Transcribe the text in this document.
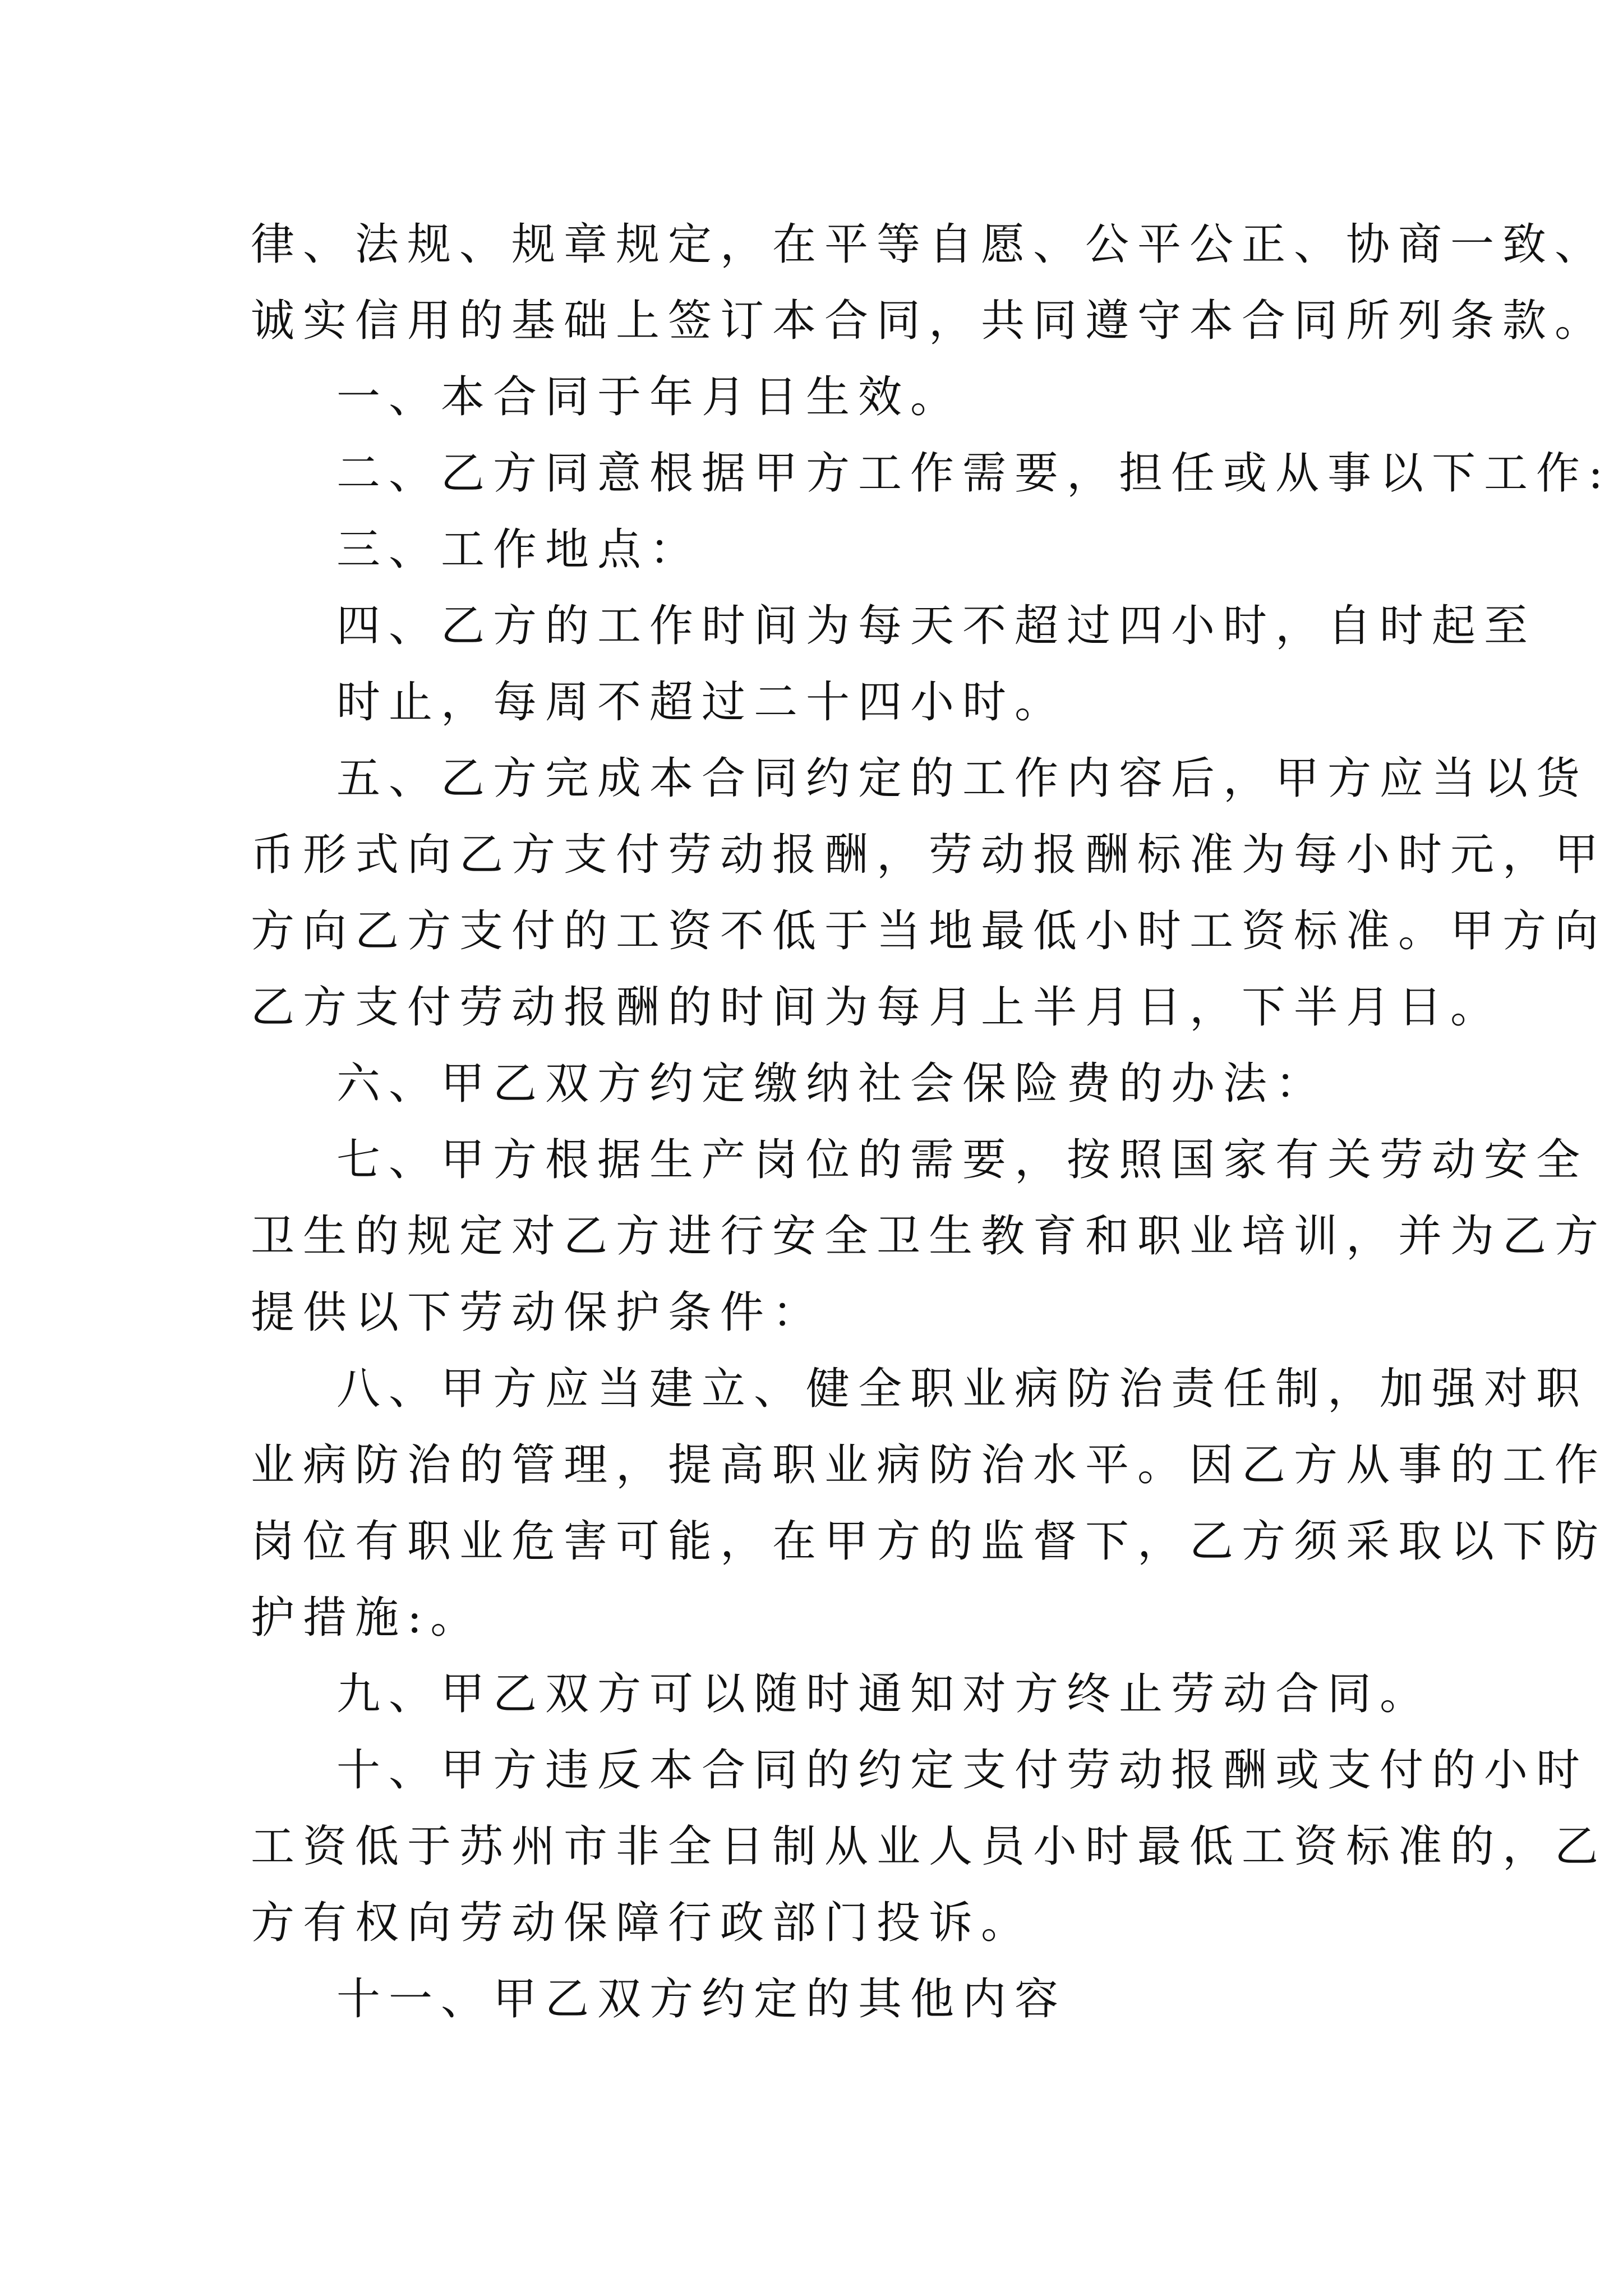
律、法规、规章规定，在平等自愿、公平公正、协商一致、
诚实信用的基础上签订本合同，共同遵守本合同所列条款。
一、本合同于年月日生效。
二、乙方同意根据甲方工作需要，担任或从事以下工作:
三、工作地点：
四、乙方的工作时间为每天不超过四小时，自时起至
时止，每周不超过二十四小时。
五、乙方完成本合同约定的工作内容后，甲方应当以货
币形式向乙方支付劳动报酬，劳动报酬标准为每小时元，甲
方向乙方支付的工资不低于当地最低小时工资标准。甲方向
乙方支付劳动报酬的时间为每月上半月日，下半月日。
六、甲乙双方约定缴纳社会保险费的办法：
七、甲方根据生产岗位的需要，按照国家有关劳动安全
卫生的规定对乙方进行安全卫生教育和职业培训，并为乙方
提供以下劳动保护条件：
八、甲方应当建立、健全职业病防治责任制，加强对职
业病防治的管理，提高职业病防治水平。因乙方从事的工作
岗位有职业危害可能，在甲方的监督下，乙方须采取以下防
护措施:。
九、甲乙双方可以随时通知对方终止劳动合同。
十、甲方违反本合同的约定支付劳动报酬或支付的小时
工资低于苏州市非全日制从业人员小时最低工资标准的，乙
方有权向劳动保障行政部门投诉。
十一、甲乙双方约定的其他内容
